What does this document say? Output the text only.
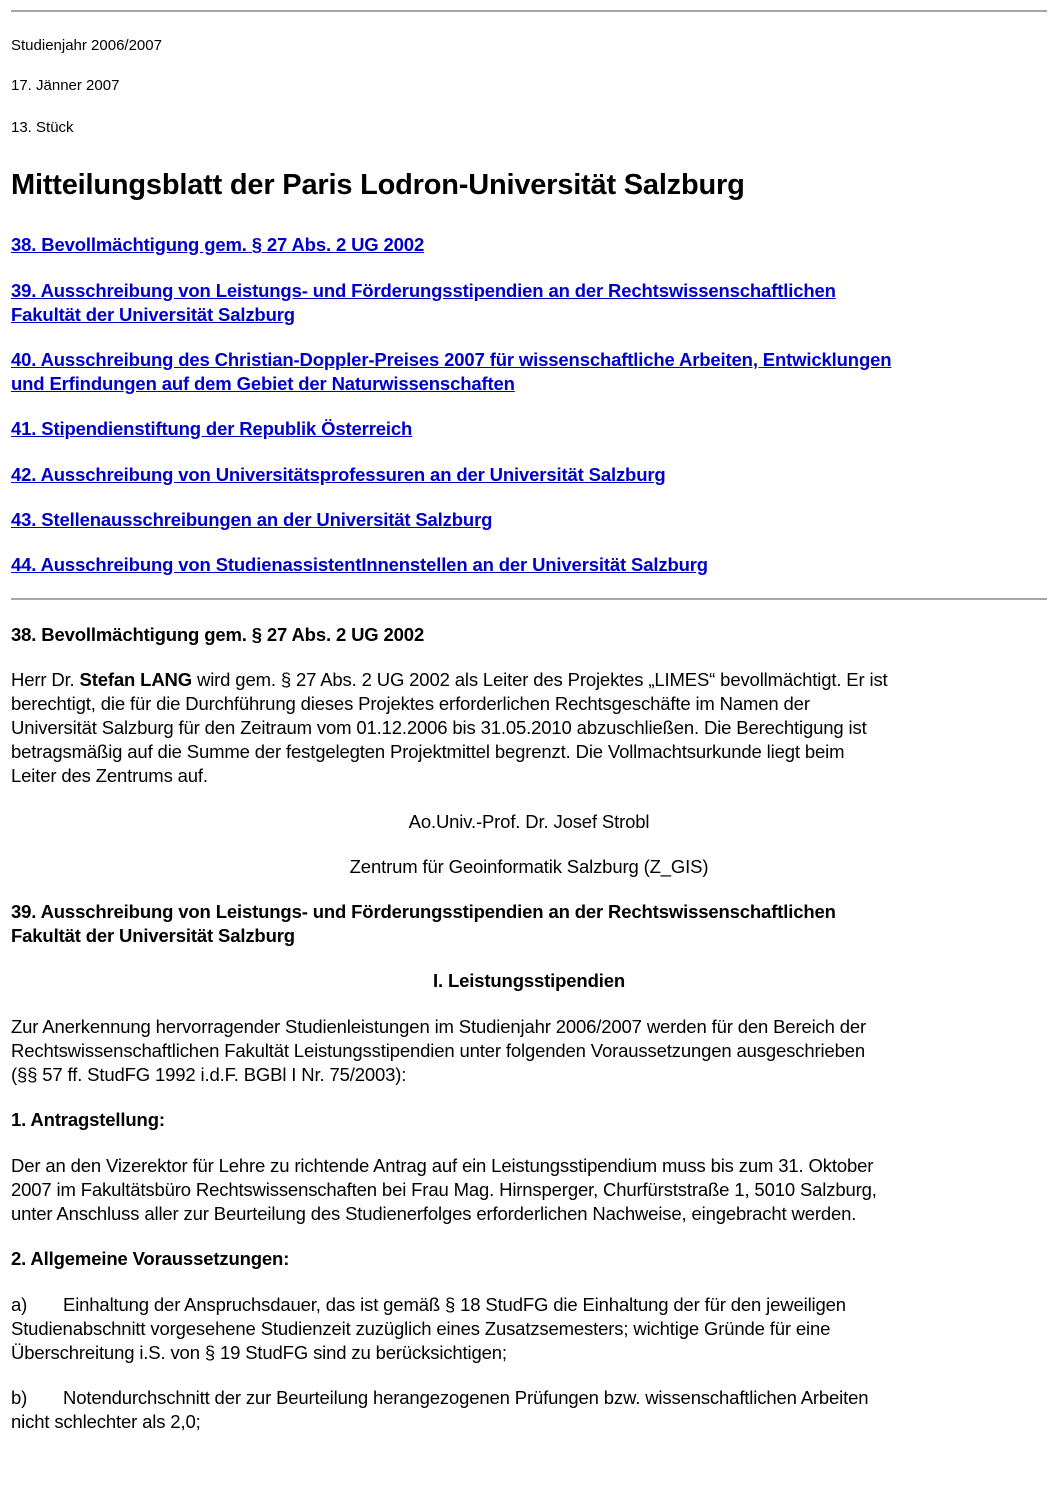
Studienjahr 2006/2007
17. Jänner 2007
13. Stück
Mitteilungsblatt der Paris Lodron-Universität Salzburg
38. Bevollmächtigung gem. § 27 Abs. 2 UG 2002
39. Ausschreibung von Leistungs- und Förderungsstipendien an der Rechtswissenschaftlichen
Fakultät der Universität Salzburg
40. Ausschreibung des Christian-Doppler-Preises 2007 für wissenschaftliche Arbeiten, Entwicklungen
und Erfindungen auf dem Gebiet der Naturwissenschaften
41. Stipendienstiftung der Republik Österreich
42. Ausschreibung von Universitätsprofessuren an der Universität Salzburg
43. Stellenausschreibungen an der Universität Salzburg
44. Ausschreibung von StudienassistentInnenstellen an der Universität Salzburg
38. Bevollmächtigung gem. § 27 Abs. 2 UG 2002
Herr Dr. Stefan LANG wird gem. § 27 Abs. 2 UG 2002 als Leiter des Projektes „LIMES“ bevollmächtigt. Er ist
berechtigt, die für die Durchführung dieses Projektes erforderlichen Rechtsgeschäfte im Namen der
Universität Salzburg für den Zeitraum vom 01.12.2006 bis 31.05.2010 abzuschließen. Die Berechtigung ist
betragsmäßig auf die Summe der festgelegten Projektmittel begrenzt. Die Vollmachtsurkunde liegt beim
Leiter des Zentrums auf.
Ao.Univ.-Prof. Dr. Josef Strobl
Zentrum für Geoinformatik Salzburg (Z_GIS)
39. Ausschreibung von Leistungs- und Förderungsstipendien an der Rechtswissenschaftlichen
Fakultät der Universität Salzburg
I. Leistungsstipendien
Zur Anerkennung hervorragender Studienleistungen im Studienjahr 2006/2007 werden für den Bereich der
Rechtswissenschaftlichen Fakultät Leistungsstipendien unter folgenden Voraussetzungen ausgeschrieben
(§§ 57 ff. StudFG 1992 i.d.F. BGBl I Nr. 75/2003):
1. Antragstellung:
Der an den Vizerektor für Lehre zu richtende Antrag auf ein Leistungsstipendium muss bis zum 31. Oktober
2007 im Fakultätsbüro Rechtswissenschaften bei Frau Mag. Hirnsperger, Churfürststraße 1, 5010 Salzburg,
unter Anschluss aller zur Beurteilung des Studienerfolges erforderlichen Nachweise, eingebracht werden.
2. Allgemeine Voraussetzungen:
a) Einhaltung der Anspruchsdauer, das ist gemäß § 18 StudFG die Einhaltung der für den jeweiligen
Studienabschnitt vorgesehene Studienzeit zuzüglich eines Zusatzsemesters; wichtige Gründe für eine
Überschreitung i.S. von § 19 StudFG sind zu berücksichtigen;
b) Notendurchschnitt der zur Beurteilung herangezogenen Prüfungen bzw. wissenschaftlichen Arbeiten
nicht schlechter als 2,0;
